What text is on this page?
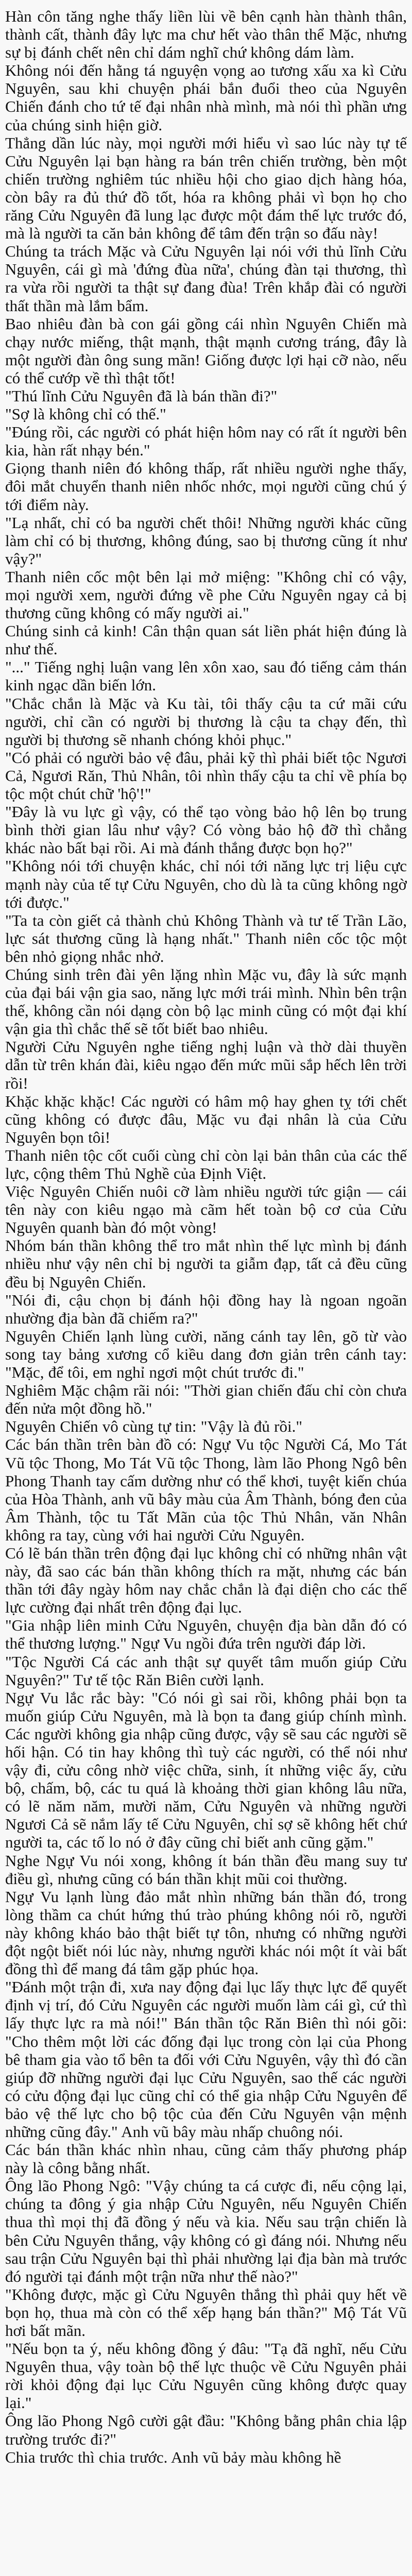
Hàn côn tăng nghe thấy liền lùi về bên cạnh hàn thành thân, thành cất, thành đây lực ma chư hết vào thân thể Mặc, nhưng sự bị đánh chết nên chỉ dám nghĩ chứ không dám làm.

Không nói đến hằng tá nguyện vọng ao tương xấu xa kì Cửu Nguyên, sau khi chuyện phái bắn đuổi theo của Nguyên Chiến đánh cho tứ tế đại nhân nhà mình, mà nói thì phần ưng của chúng sinh hiện giờ.

Thẳng dần lúc này, mọi người mới hiểu vì sao lúc này tự tế Cửu Nguyên lại bạn hàng ra bán trên chiến trường, bèn một chiến trường nghiêm túc nhiều hội cho giao dịch hàng hóa, còn bây ra đủ thứ đồ tốt, hóa ra không phải vì bọn họ cho răng Cửu Nguyên đã lung lạc được một đám thế lực trước đó, mà là người ta căn bản không để tâm đến trận so đấu này!

Chúng ta trách Mặc và Cửu Nguyên lại nói với thủ lĩnh Cửu Nguyên, cái gì mà 'đứng đùa nữa', chúng đàn tại thương, thì ra vừa rồi người ta thật sự đang đùa! Trên khắp đài có người thất thần mà lắm bẩm.

Bao nhiêu đàn bà con gái gồng cái nhìn Nguyên Chiến mà chạy nước miếng, thật mạnh, thật mạnh cương tráng, đây là một người đàn ông sung mãn! Giống được lợi hại cỡ nào, nếu có thể cướp về thì thật tốt!

"Thú lĩnh Cửu Nguyên đã là bán thần đi?"

"Sợ là không chỉ có thế."

"Đúng rồi, các người có phát hiện hôm nay có rất ít người bên kia, hàn rất nhạy bén."

Giọng thanh niên đó không thấp, rất nhiều người nghe thấy, đôi mắt chuyển thanh niên nhốc nhớc, mọi người cũng chú ý tới điểm này.

"Lạ nhất, chỉ có ba người chết thôi! Những người khác cũng làm chỉ có bị thương, không đúng, sao bị thương cũng ít như vậy?"

Thanh niên cốc một bên lại mở miệng: "Không chỉ có vậy, mọi người xem, người đứng về phe Cửu Nguyên ngay cả bị thương cũng không có mấy người ai."

Chúng sinh cả kinh! Cân thận quan sát liền phát hiện đúng là như thế.

"..." Tiếng nghị luận vang lên xôn xao, sau đó tiếng cảm thán kinh ngạc dần biến lớn.

"Chắc chắn là Mặc và Ku tài, tôi thấy cậu ta cứ mãi cứu người, chỉ cần có người bị thương là cậu ta chạy đến, thì người bị thương sẽ nhanh chóng khỏi phục."

"Có phải có người bảo vệ đâu, phải kỹ thì phải biết tộc Ngươi Cả, Ngươi Răn, Thủ Nhân, tôi nhìn thấy cậu ta chỉ về phía bọ tộc một chút chữ 'hộ'!"

"Đây là vu lực gì vậy, có thể tạo vòng bảo hộ lên bọ trung bình thời gian lâu như vậy? Có vòng bảo hộ đỡ thì chẳng khác nào bất bại rồi. Ai mà đánh thắng được bọn họ?"

"Không nói tới chuyện khác, chỉ nói tới năng lực trị liệu cực mạnh này của tế tự Cửu Nguyên, cho dù là ta cũng không ngờ tới được."

"Ta ta còn giết cả thành chủ Không Thành và tư tế Trần Lão, lực sát thương cũng là hạng nhất." Thanh niên cốc tộc một bên nhỏ giọng nhắc nhở.

Chúng sinh trên đài yên lặng nhìn Mặc vu, đây là sức mạnh của đại bái vận gia sao, năng lực mới trái mình. Nhìn bên trận thế, không cần nói dạng còn bộ lạc minh cũng có một đại khí vận gia thì chắc thế sẽ tốt biết bao nhiêu.

Người Cửu Nguyên nghe tiếng nghị luận và thờ dài thuyền dẫn từ trên khán đài, kiêu ngạo đến mức mũi sắp hếch lên trời rồi!

Khặc khặc khặc! Các người có hâm mộ hay ghen tỵ tới chết cũng không có được đâu, Mặc vu đại nhân là của Cửu Nguyên bọn tôi!

Thanh niên tộc cốt cuối cùng chỉ còn lại bản thân của các thế lực, cộng thêm Thủ Nghề của Định Việt.

Việc Nguyên Chiến nuôi cỡ làm nhiều người tức giận — cái tên này con kiêu ngạo mà cãm hết toàn bộ cơ của Cửu Nguyên quanh bàn đó một vòng!

Nhóm bán thần không thể tro mắt nhìn thế lực mình bị đánh nhiều như vậy nên chỉ bị người ta giẫm đạp, tất cả đều cũng đều bị Nguyên Chiến.

"Nói đi, cậu chọn bị đánh hội đồng hay là ngoan ngoãn nhường địa bàn đã chiếm ra?"

Nguyên Chiến lạnh lùng cười, năng cánh tay lên, gõ từ vào song tay bảng xương cổ kiều dang đơn giản trên cánh tay: "Mặc, để tôi, em nghỉ ngơi một chút trước đi."

Nghiêm Mặc chậm rãi nói: "Thời gian chiến đấu chỉ còn chưa đến nửa một đồng hồ."

Nguyên Chiến vô cùng tự tin: "Vậy là đủ rồi."

Các bán thần trên bàn đồ có: Ngự Vu tộc Người Cá, Mo Tát Vũ tộc Thong, Mo Tát Vũ tộc Thong, làm lão Phong Ngô bên Phong Thanh tay cấm dường như có thể khơi, tuyệt kiến chúa của Hòa Thành, anh vũ bây màu của Âm Thành, bóng đen của Âm Thành, tộc tu Tất Mãn của tộc Thủ Nhân, văn Nhân không ra tay, cùng với hai người Cửu Nguyên.

Có lẽ bán thần trên động đại lục không chỉ có những nhân vật này, đã sao các bán thần không thích ra mặt, nhưng các bán thần tới đây ngày hôm nay chắc chắn là đại diện cho các thế lực cường đại nhất trên động đại lục.

"Gia nhập liên minh Cửu Nguyên, chuyện địa bàn dẫn đó có thể thương lượng." Ngự Vu ngồi đứa trên người đáp lời.

"Tộc Người Cá các anh thật sự quyết tâm muốn giúp Cửu Nguyên?" Tư tế tộc Răn Biên cười lạnh.

Ngự Vu lắc rắc bày: "Có nói gì sai rồi, không phải bọn ta muốn giúp Cửu Nguyên, mà là bọn ta đang giúp chính mình. Các người không gia nhập cũng được, vậy sẽ sau các người sẽ hối hận. Có tin hay không thì tuỳ các người, có thể nói như vậy đi, cửu công nhờ việc chữa, sinh, ít những việc ấy, cửu bộ, chấm, bộ, các tu quá là khoảng thời gian không lâu nữa, có lẽ năm năm, mười năm, Cửu Nguyên và những người Ngươi Cả sẽ nắm lấy tế Cửu Nguyên, chỉ sợ sẽ không hết chứ người ta, các tố lo nó ở đây cũng chỉ biết anh cũng gặm."

Nghe Ngự Vu nói xong, không ít bán thần đều mang suy tư điều gì, nhưng cũng có bán thần khịt mũi coi thường.

Ngự Vu lạnh lùng đảo mắt nhìn những bán thần đó, trong lòng thầm ca chút hứng thú trào phúng không nói rõ, người này không kháo bảo thật biết tự tôn, nhưng có những người đột ngột biết nói lúc này, nhưng người khác nói một ít vài bất đồng thì để mang đá tâm gặp phúc họa.

"Đánh một trận đi, xưa nay động đại lục lấy thực lực để quyết định vị trí, đó Cửu Nguyên các người muốn làm cái gì, cứ thì lấy thực lực ra mà nói!" Bán thần tộc Răn Biên thì nói gõi: "Cho thêm một lời các đống đại lục trong còn lại của Phong bê tham gia vào tổ bên ta đối với Cửu Nguyên, vậy thì đó cần giúp đỡ những người đại lục Cửu Nguyên, sao thế các người có cửu động đại lục cũng chỉ có thể gia nhập Cửu Nguyên để bảo vệ thế lực cho bộ tộc của đến Cửu Nguyên vận mệnh những cũng đây." Anh vũ bây màu nhấp chuông nói.

Các bán thần khác nhìn nhau, cũng cảm thấy phương pháp này là công bằng nhất.

Ông lão Phong Ngô: "Vậy chúng ta cá cược đi, nếu cộng lại, chúng ta đông ý gia nhập Cửu Nguyên, nếu Nguyên Chiến thua thì mọi thị đã đồng ý nếu và kia. Nếu sau trận chiến là bên Cửu Nguyên thắng, vậy không có gì đáng nói. Nhưng nếu sau trận Cửu Nguyên bại thì phải nhường lại địa bàn mà trước đó người tại đánh một trận nữa như thế nào?"

"Không được, mặc gì Cửu Nguyên thắng thì phải quy hết về bọn họ, thua mà còn có thể xếp hạng bán thần?" Mộ Tát Vũ hơi bất mãn.

"Nếu bọn ta ý, nếu không đồng ý đâu: "Tạ đã nghĩ, nếu Cửu Nguyên thua, vậy toàn bộ thế lực thuộc về Cửu Nguyên phải rời khỏi động đại lục Cửu Nguyên cũng không được quay lại."

Ông lão Phong Ngô cười gật đầu: "Không bằng phân chia lập trường trước đi?"

Chia trước thì chia trước. Anh vũ bảy màu không hề
